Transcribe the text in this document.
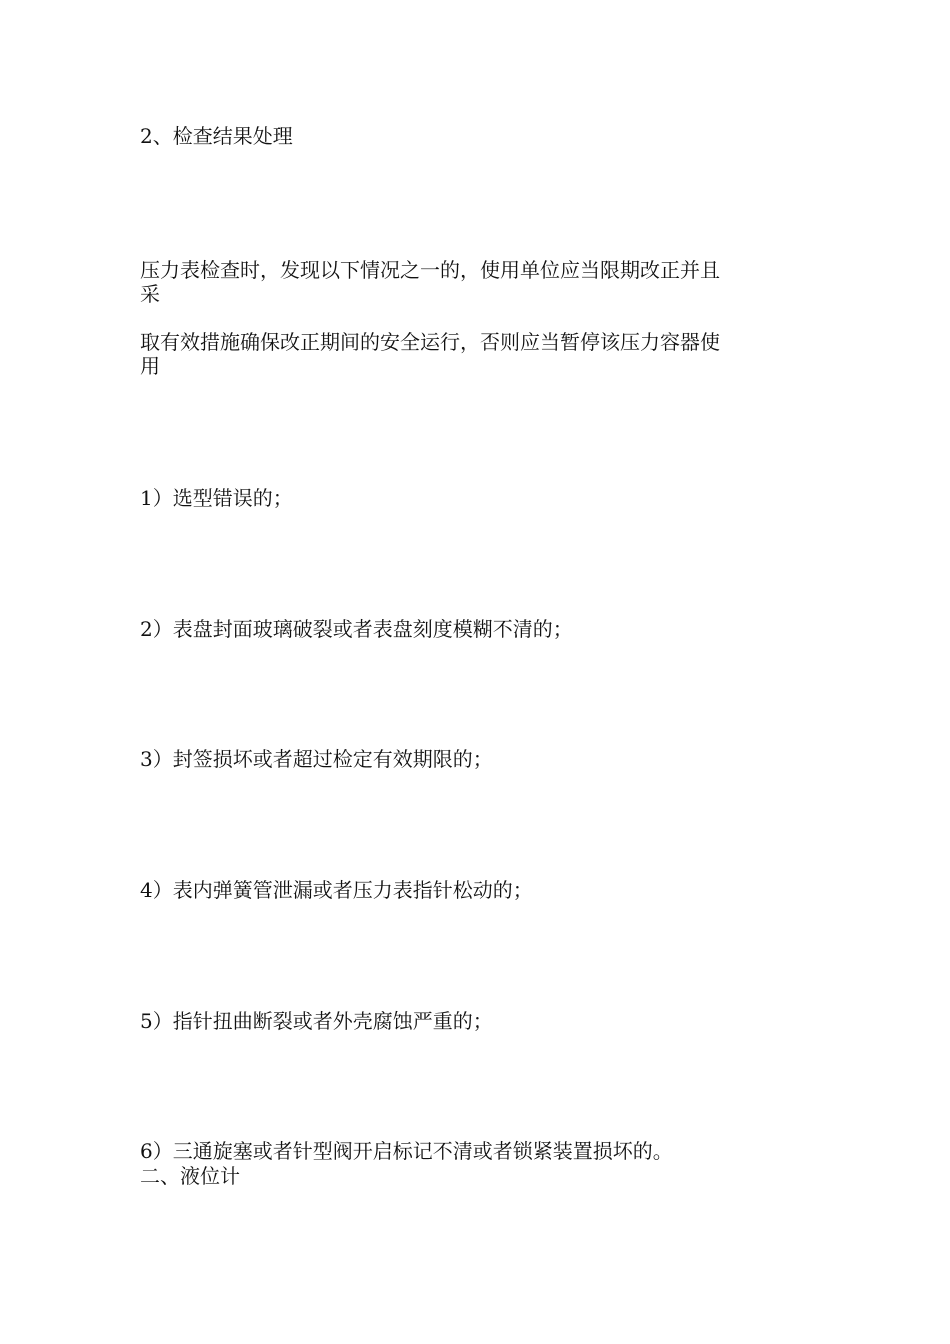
2、检查结果处理
压力表检查时，发现以下情况之一的，使用单位应当限期改正并且
采
取有效措施确保改正期间的安全运行，否则应当暂停该压力容器使
用
1）选型错误的；
2）表盘封面玻璃破裂或者表盘刻度模糊不清的；
3）封签损坏或者超过检定有效期限的；
4）表内弹簧管泄漏或者压力表指针松动的；
5）指针扭曲断裂或者外壳腐蚀严重的；
6）三通旋塞或者针型阀开启标记不清或者锁紧装置损坏的。
二、液位计
